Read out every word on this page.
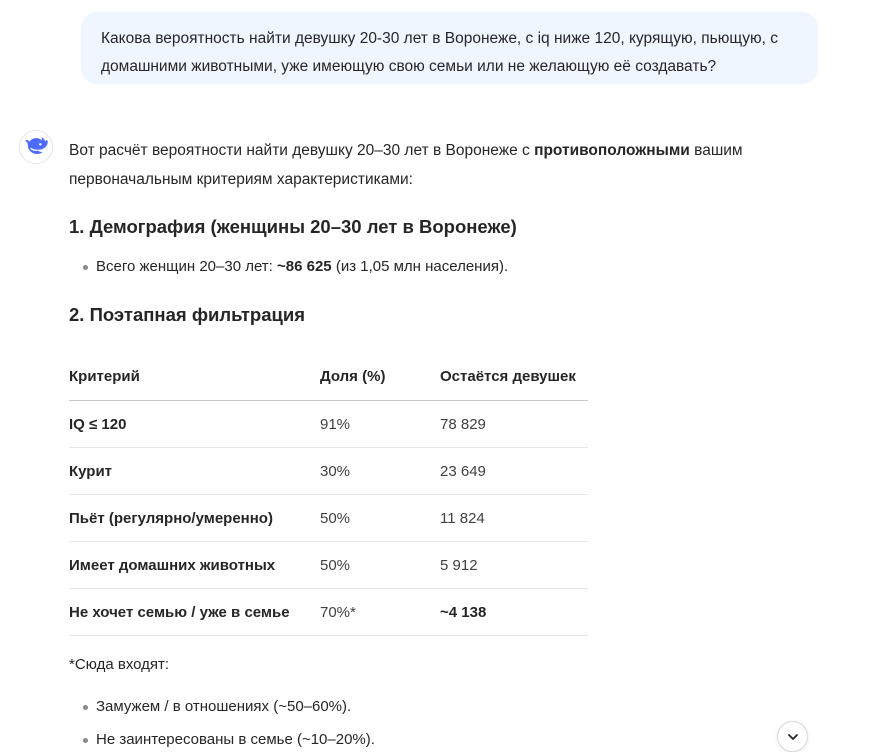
Какова вероятность найти девушку 20-30 лет в Воронеже, с iq ниже 120, курящую, пьющую, с домашними животными, уже имеющую свою семьи или не желающую её создавать?

Вот расчёт вероятности найти девушку 20–30 лет в Воронеже с противоположными вашим первоначальным критериям характеристиками:

1. Демография (женщины 20–30 лет в Воронеже)
Всего женщин 20–30 лет: ~86 625 (из 1,05 млн населения).
2. Поэтапная фильтрация
Критерий	Доля (%)	Остаётся девушек
IQ ≤ 120	91%	78 829
Курит	30%	23 649
Пьёт (регулярно/умеренно)	50%	11 824
Имеет домашних животных	50%	5 912
Не хочет семью / уже в семье	70%*	~4 138

*Сюда входят:

Замужем / в отношениях (~50–60%).
Не заинтересованы в семье (~10–20%).
